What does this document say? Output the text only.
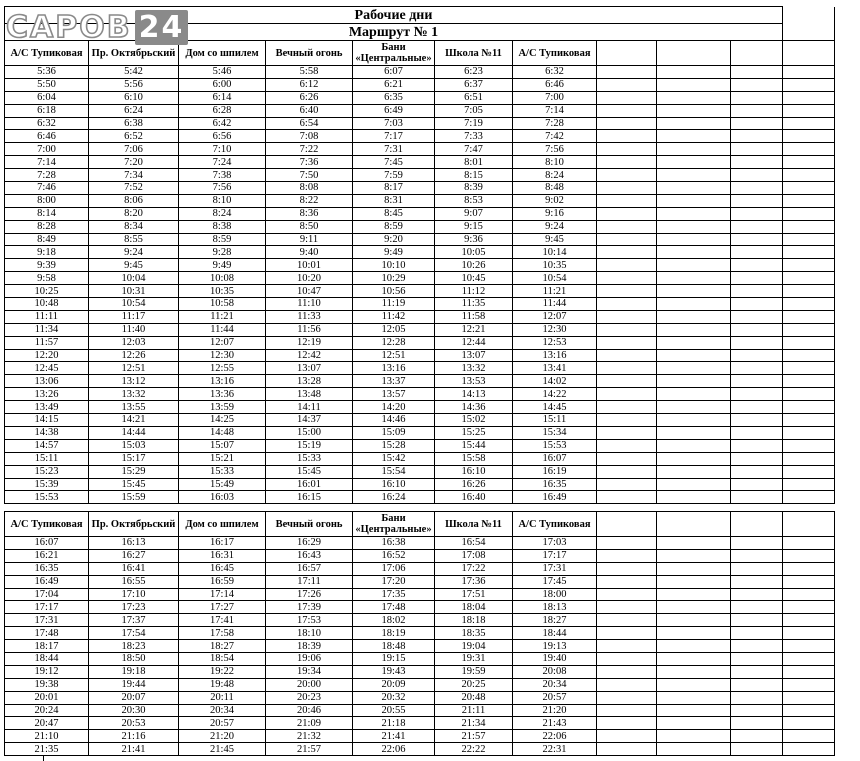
САРОВ 24	Рабочие дни										
Маршрут № 1										
А/С Тупиковая	Пр. Октябрьский	Дом со шпилем	Вечный огонь	Бани «Центральные»	Школа №11	А/С Тупиковая				
5:36	5:42	5:46	5:58	6:07	6:23	6:32				
5:50	5:56	6:00	6:12	6:21	6:37	6:46				
6:04	6:10	6:14	6:26	6:35	6:51	7:00				
6:18	6:24	6:28	6:40	6:49	7:05	7:14				
6:32	6:38	6:42	6:54	7:03	7:19	7:28				
6:46	6:52	6:56	7:08	7:17	7:33	7:42				
7:00	7:06	7:10	7:22	7:31	7:47	7:56				
7:14	7:20	7:24	7:36	7:45	8:01	8:10				
7:28	7:34	7:38	7:50	7:59	8:15	8:24				
7:46	7:52	7:56	8:08	8:17	8:39	8:48				
8:00	8:06	8:10	8:22	8:31	8:53	9:02				
8:14	8:20	8:24	8:36	8:45	9:07	9:16				
8:28	8:34	8:38	8:50	8:59	9:15	9:24				
8:49	8:55	8:59	9:11	9:20	9:36	9:45				
9:18	9:24	9:28	9:40	9:49	10:05	10:14				
9:39	9:45	9:49	10:01	10:10	10:26	10:35				
9:58	10:04	10:08	10:20	10:29	10:45	10:54				
10:25	10:31	10:35	10:47	10:56	11:12	11:21				
10:48	10:54	10:58	11:10	11:19	11:35	11:44				
11:11	11:17	11:21	11:33	11:42	11:58	12:07				
11:34	11:40	11:44	11:56	12:05	12:21	12:30				
11:57	12:03	12:07	12:19	12:28	12:44	12:53				
12:20	12:26	12:30	12:42	12:51	13:07	13:16				
12:45	12:51	12:55	13:07	13:16	13:32	13:41				
13:06	13:12	13:16	13:28	13:37	13:53	14:02				
13:26	13:32	13:36	13:48	13:57	14:13	14:22				
13:49	13:55	13:59	14:11	14:20	14:36	14:45				
14:15	14:21	14:25	14:37	14:46	15:02	15:11				
14:38	14:44	14:48	15:00	15:09	15:25	15:34				
14:57	15:03	15:07	15:19	15:28	15:44	15:53				
15:11	15:17	15:21	15:33	15:42	15:58	16:07				
15:23	15:29	15:33	15:45	15:54	16:10	16:19				
15:39	15:45	15:49	16:01	16:10	16:26	16:35				
15:53	15:59	16:03	16:15	16:24	16:40	16:49				
А/С Тупиковая	Пр. Октябрьский	Дом со шпилем	Вечный огонь	Бани «Центральные»	Школа №11	А/С Тупиковая				
16:07	16:13	16:17	16:29	16:38	16:54	17:03				
16:21	16:27	16:31	16:43	16:52	17:08	17:17				
16:35	16:41	16:45	16:57	17:06	17:22	17:31				
16:49	16:55	16:59	17:11	17:20	17:36	17:45				
17:04	17:10	17:14	17:26	17:35	17:51	18:00				
17:17	17:23	17:27	17:39	17:48	18:04	18:13				
17:31	17:37	17:41	17:53	18:02	18:18	18:27				
17:48	17:54	17:58	18:10	18:19	18:35	18:44				
18:17	18:23	18:27	18:39	18:48	19:04	19:13				
18:44	18:50	18:54	19:06	19:15	19:31	19:40				
19:12	19:18	19:22	19:34	19:43	19:59	20:08				
19:38	19:44	19:48	20:00	20:09	20:25	20:34				
20:01	20:07	20:11	20:23	20:32	20:48	20:57				
20:24	20:30	20:34	20:46	20:55	21:11	21:20				
20:47	20:53	20:57	21:09	21:18	21:34	21:43				
21:10	21:16	21:20	21:32	21:41	21:57	22:06				
21:35	21:41	21:45	21:57	22:06	22:22	22:31				
